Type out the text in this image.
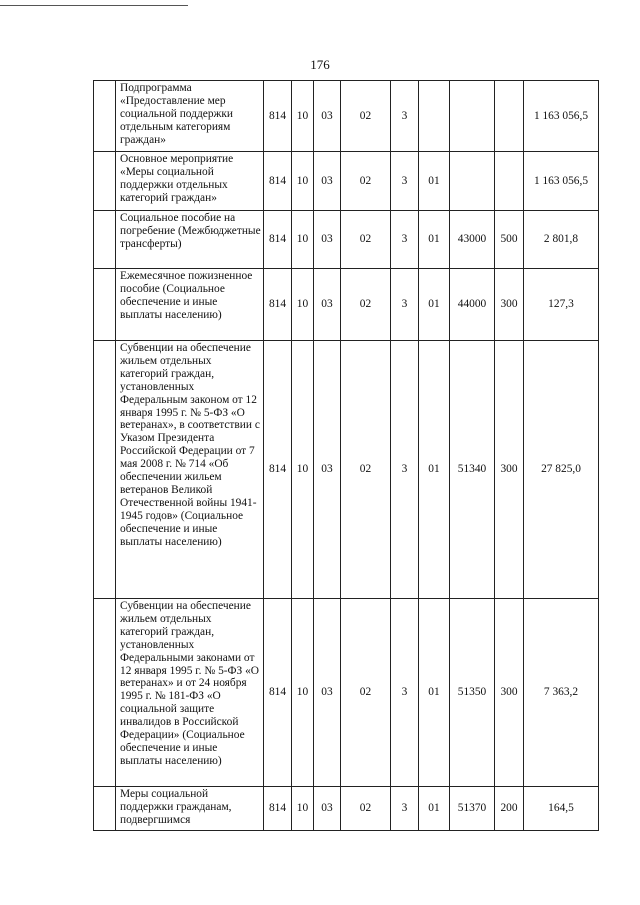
176
	Подпрограмма «Предоставление мер социальной поддержки отдельным категориям граждан»	814	10	03	02	3				1 163 056,5
	Основное мероприятие «Меры социальной поддержки отдельных категорий граждан»	814	10	03	02	3	01			1 163 056,5
	Социальное пособие на погребение (Межбюджетные трансферты)	814	10	03	02	3	01	43000	500	2 801,8
	Ежемесячное пожизненное пособие (Социальное обеспечение и иные выплаты населению)	814	10	03	02	3	01	44000	300	127,3
	Субвенции на обеспечение жильем отдельных категорий граждан, установленных Федеральным законом от 12 января 1995 г. № 5-ФЗ «О ветеранах», в соответствии с Указом Президента Российской Федерации от 7 мая 2008 г. № 714 «Об обеспечении жильем ветеранов Великой Отечественной войны 1941-1945 годов» (Социальное обеспечение и иные выплаты населению)	814	10	03	02	3	01	51340	300	27 825,0
	Субвенции на обеспечение жильем отдельных категорий граждан, установленных Федеральными законами от 12 января 1995 г. № 5-ФЗ «О ветеранах» и от 24 ноября 1995 г. № 181-ФЗ «О социальной защите инвалидов в Российской Федерации» (Социальное обеспечение и иные выплаты населению)	814	10	03	02	3	01	51350	300	7 363,2
	Меры социальной поддержки гражданам, подвергшимся	814	10	03	02	3	01	51370	200	164,5
